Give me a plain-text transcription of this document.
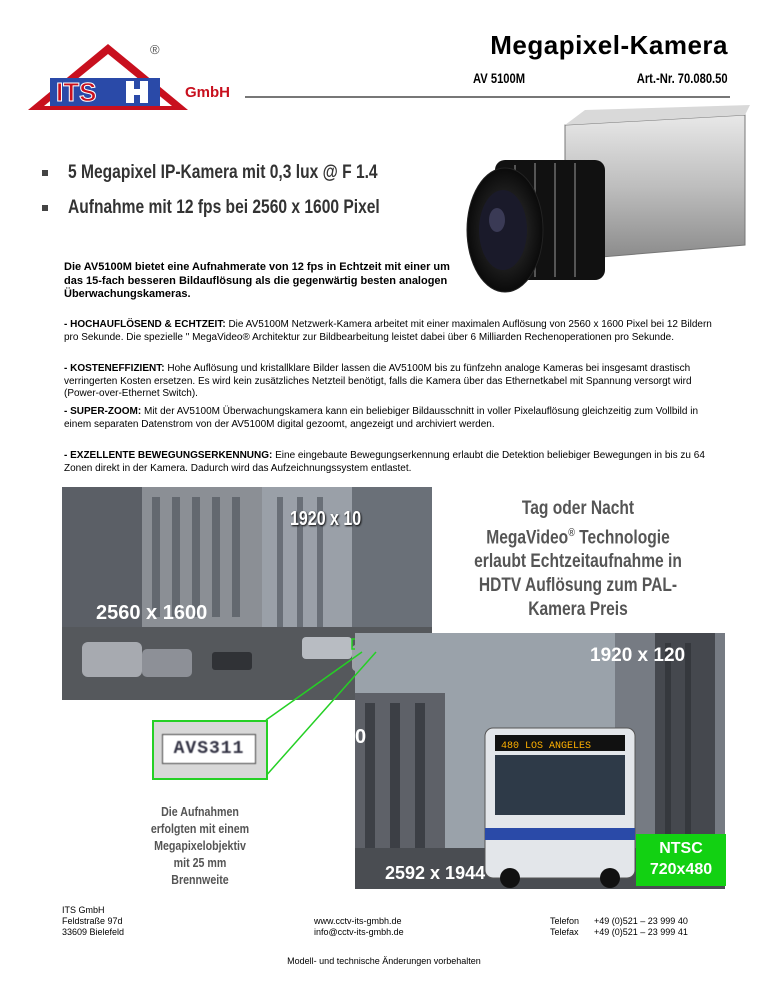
ITS
®
GmbH
Megapixel-Kamera
AV 5100M	Art.-Nr. 70.080.50
5 Megapixel IP-Kamera mit 0,3 lux @ F 1.4
Aufnahme mit 12 fps bei 2560 x 1600 Pixel
Die AV5100M bietet eine Aufnahmerate von 12 fps in Echtzeit mit einer um das 15-fach besseren Bildauflösung als die gegenwärtig besten analogen Überwachungskameras.
- HOCHAUFLÖSEND & ECHTZEIT: Die AV5100M Netzwerk-Kamera arbeitet mit einer maximalen Auflösung von 2560 x 1600 Pixel bei 12 Bildern pro Sekunde. Die spezielle " MegaVideo® Architektur zur Bildbearbeitung leistet dabei über 6 Milliarden Rechenoperationen pro Sekunde.
- KOSTENEFFIZIENT: Hohe Auflösung und kristallklare Bilder lassen die AV5100M bis zu fünfzehn analoge Kameras bei insgesamt drastisch verringerten Kosten ersetzen. Es wird kein zusätzliches Netzteil benötigt, falls die Kamera über das Ethernetkabel mit Spannung versorgt wird (Power-over-Ethernet Switch).
- SUPER-ZOOM: Mit der AV5100M Überwachungskamera kann ein beliebiger Bildausschnitt in voller Pixelauflösung gleichzeitig zum Vollbild in einem separaten Datenstrom von der AV5100M digital gezoomt, angezeigt und archiviert werden.
- EXZELLENTE BEWEGUNGSERKENNUNG: Eine eingebaute Bewegungserkennung erlaubt die Detektion beliebiger Bewegungen in bis zu 64 Zonen direkt in der Kamera. Dadurch wird das Aufzeichnungssystem entlastet.
1920 x 10
2560 x 1600
Tag oder Nacht
MegaVideo® Technologie
erlaubt Echtzeitaufnahme in
HDTV Auflösung zum PAL-
Kamera Preis
480 LOS ANGELES
0
1920 x 120
2592 x 1944
AVS311
Die Aufnahmen
erfolgten mit einem
Megapixelobjektiv
mit 25 mm
Brennweite
NTSC
720x480
ITS GmbH
Feldstraße 97d
33609 Bielefeld
www.cctv-its-gmbh.de
info@cctv-its-gmbh.de
Telefon +49 (0)521 – 23 999 40
Telefax +49 (0)521 – 23 999 41
Modell- und technische Änderungen vorbehalten
